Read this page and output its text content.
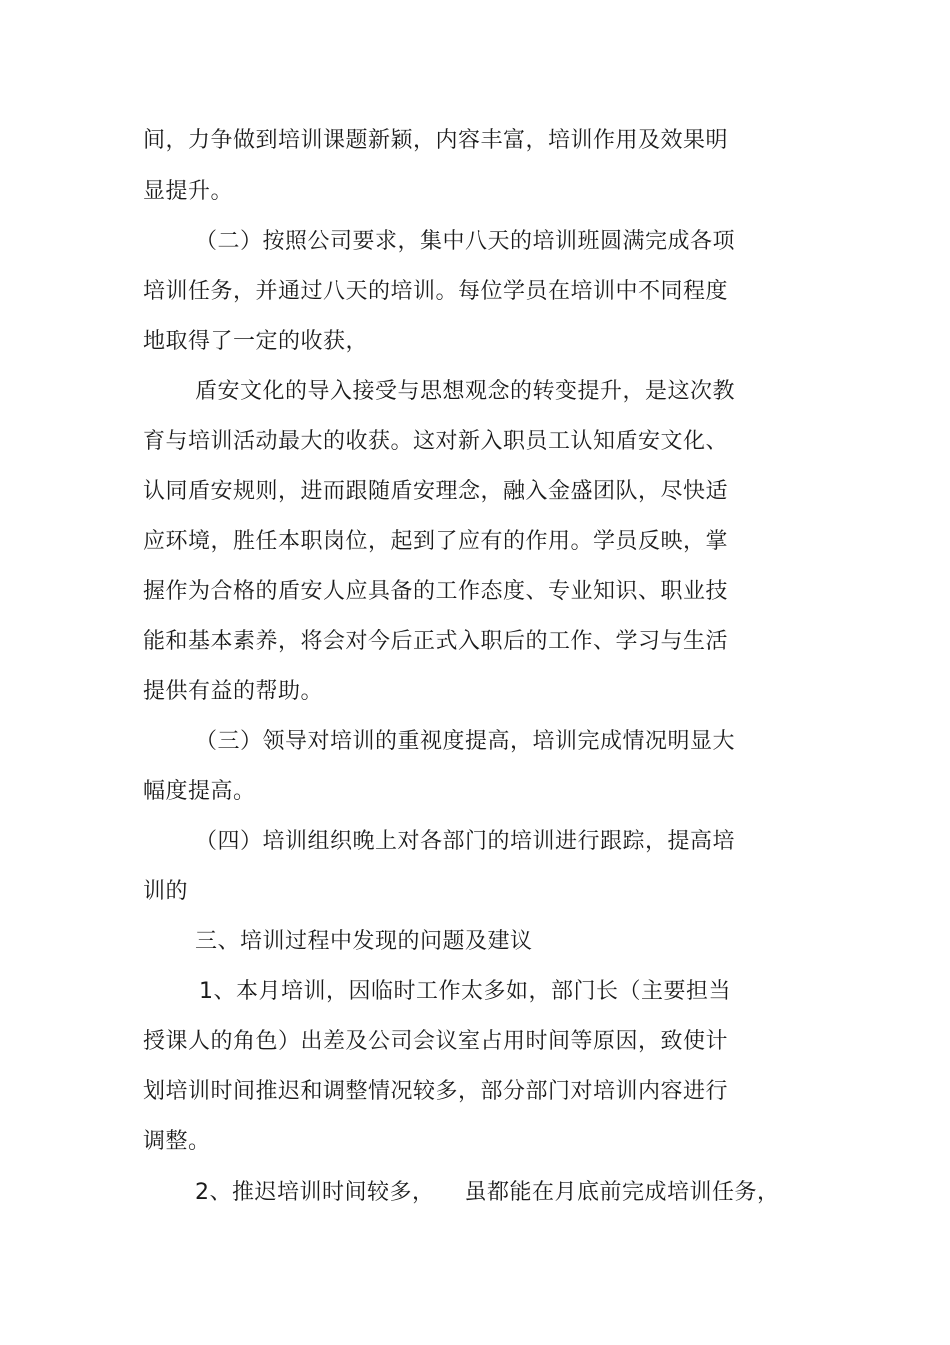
间，力争做到培训课题新颖，内容丰富，培训作用及效果明
显提升。
（二）按照公司要求，集中八天的培训班圆满完成各项
培训任务，并通过八天的培训。每位学员在培训中不同程度
地取得了一定的收获，
盾安文化的导入接受与思想观念的转变提升，是这次教
育与培训活动最大的收获。这对新入职员工认知盾安文化、
认同盾安规则，进而跟随盾安理念，融入金盛团队，尽快适
应环境，胜任本职岗位，起到了应有的作用。学员反映，掌
握作为合格的盾安人应具备的工作态度、专业知识、职业技
能和基本素养，将会对今后正式入职后的工作、学习与生活
提供有益的帮助。
（三）领导对培训的重视度提高，培训完成情况明显大
幅度提高。
（四）培训组织晚上对各部门的培训进行跟踪，提高培
训的
三、培训过程中发现的问题及建议
1、本月培训，因临时工作太多如，部门长（主要担当
授课人的角色）出差及公司会议室占用时间等原因，致使计
划培训时间推迟和调整情况较多，部分部门对培训内容进行
调整。
2、推迟培训时间较多，    虽都能在月底前完成培训任务，
